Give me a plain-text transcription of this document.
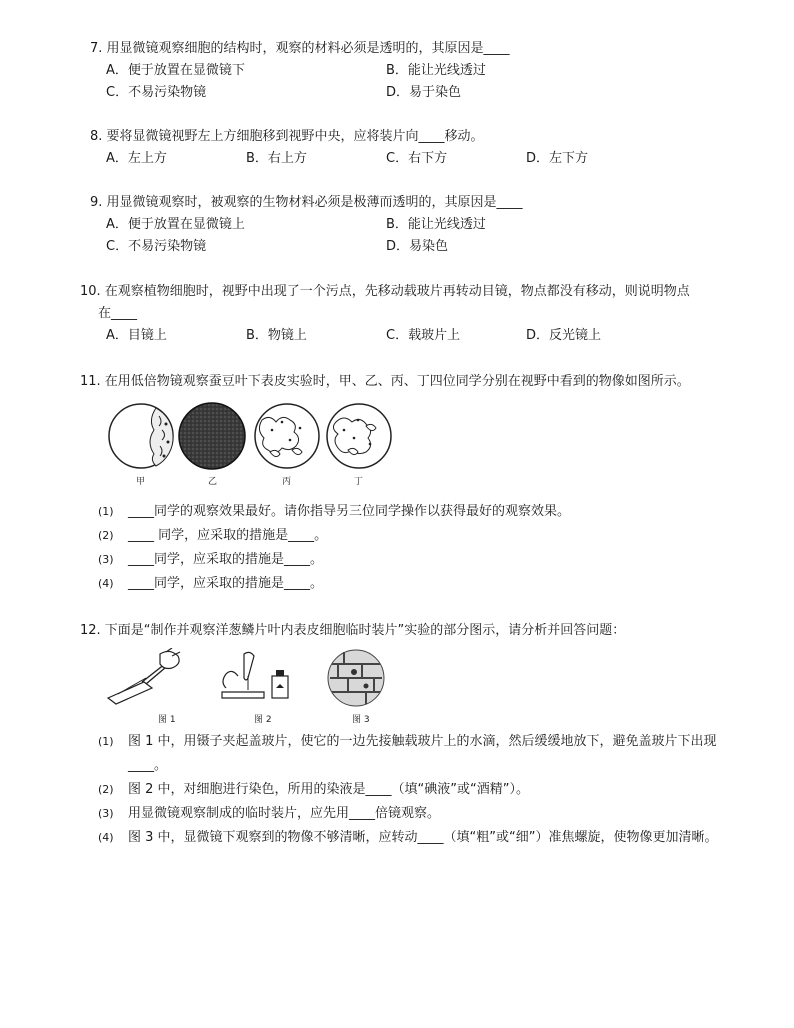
7. 用显微镜观察细胞的结构时，观察的材料必须是透明的，其原因是____
A．便于放置在显微镜下	B．能让光线透过
C．不易污染物镜	D．易于染色
8. 要将显微镜视野左上方细胞移到视野中央，应将装片向____移动。
A．左上方	B．右上方	C．右下方	D．左下方
9. 用显微镜观察时，被观察的生物材料必须是极薄而透明的，其原因是____
A．便于放置在显微镜上	B．能让光线透过
C．不易污染物镜	D．易染色
10. 在观察植物细胞时，视野中出现了一个污点，先移动载玻片再转动目镜，物点都没有移动，则说明物点
在____
A．目镜上	B．物镜上	C．载玻片上	D．反光镜上
11. 在用低倍物镜观察蚕豆叶下表皮实验时，甲、乙、丙、丁四位同学分别在视野中看到的物像如图所示。
甲	乙	丙	丁
(1) ____同学的观察效果最好。请你指导另三位同学操作以获得最好的观察效果。
(2) ____ 同学，应采取的措施是____。
(3) ____同学，应采取的措施是____。
(4) ____同学，应采取的措施是____。
12. 下面是“制作并观察洋葱鳞片叶内表皮细胞临时装片”实验的部分图示，请分析并回答问题：
图 1	图 2	图 3
(1) 图 1 中，用镊子夹起盖玻片，使它的一边先接触载玻片上的水滴，然后缓缓地放下，避免盖玻片下出现____。
(2) 图 2 中，对细胞进行染色，所用的染液是____（填“碘液”或“酒精”）。
(3) 用显微镜观察制成的临时装片，应先用____倍镜观察。
(4) 图 3 中，显微镜下观察到的物像不够清晰，应转动____（填“粗”或“细”）准焦螺旋，使物像更加清晰。
